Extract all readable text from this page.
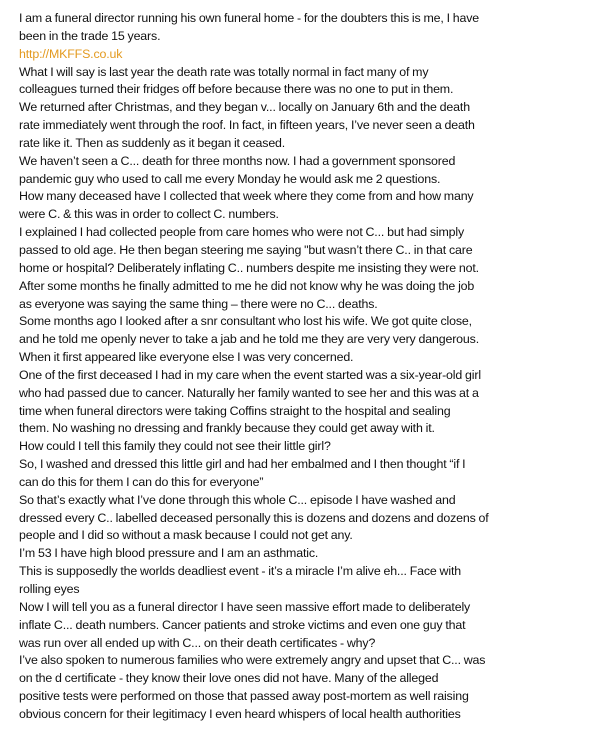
I am a funeral director running his own funeral home - for the doubters this is me, I have
been in the trade 15 years.
http://MKFFS.co.uk
What I will say is last year the death rate was totally normal in fact many of my
colleagues turned their fridges off before because there was no one to put in them.
We returned after Christmas, and they began v... locally on January 6th and the death
rate immediately went through the roof. In fact, in fifteen years, I’ve never seen a death
rate like it. Then as suddenly as it began it ceased.
We haven’t seen a C... death for three months now. I had a government sponsored
pandemic guy who used to call me every Monday he would ask me 2 questions.
How many deceased have I collected that week where they come from and how many
were C. & this was in order to collect C. numbers.
I explained I had collected people from care homes who were not C... but had simply
passed to old age. He then began steering me saying "but wasn’t there C.. in that care
home or hospital? Deliberately inflating C.. numbers despite me insisting they were not.
After some months he finally admitted to me he did not know why he was doing the job
as everyone was saying the same thing – there were no C... deaths.
Some months ago I looked after a snr consultant who lost his wife. We got quite close,
and he told me openly never to take a jab and he told me they are very very dangerous.
When it first appeared like everyone else I was very concerned.
One of the first deceased I had in my care when the event started was a six-year-old girl
who had passed due to cancer. Naturally her family wanted to see her and this was at a
time when funeral directors were taking Coffins straight to the hospital and sealing
them. No washing no dressing and frankly because they could get away with it.
How could I tell this family they could not see their little girl?
So, I washed and dressed this little girl and had her embalmed and I then thought “if I
can do this for them I can do this for everyone”
So that’s exactly what I’ve done through this whole C... episode I have washed and
dressed every C.. labelled deceased personally this is dozens and dozens and dozens of
people and I did so without a mask because I could not get any.
I’m 53 I have high blood pressure and I am an asthmatic.
This is supposedly the worlds deadliest event - it’s a miracle I’m alive eh... Face with
rolling eyes
Now I will tell you as a funeral director I have seen massive effort made to deliberately
inflate C... death numbers. Cancer patients and stroke victims and even one guy that
was run over all ended up with C... on their death certificates - why?
I’ve also spoken to numerous families who were extremely angry and upset that C... was
on the d certificate - they know their love ones did not have. Many of the alleged
positive tests were performed on those that passed away post-mortem as well raising
obvious concern for their legitimacy I even heard whispers of local health authorities
